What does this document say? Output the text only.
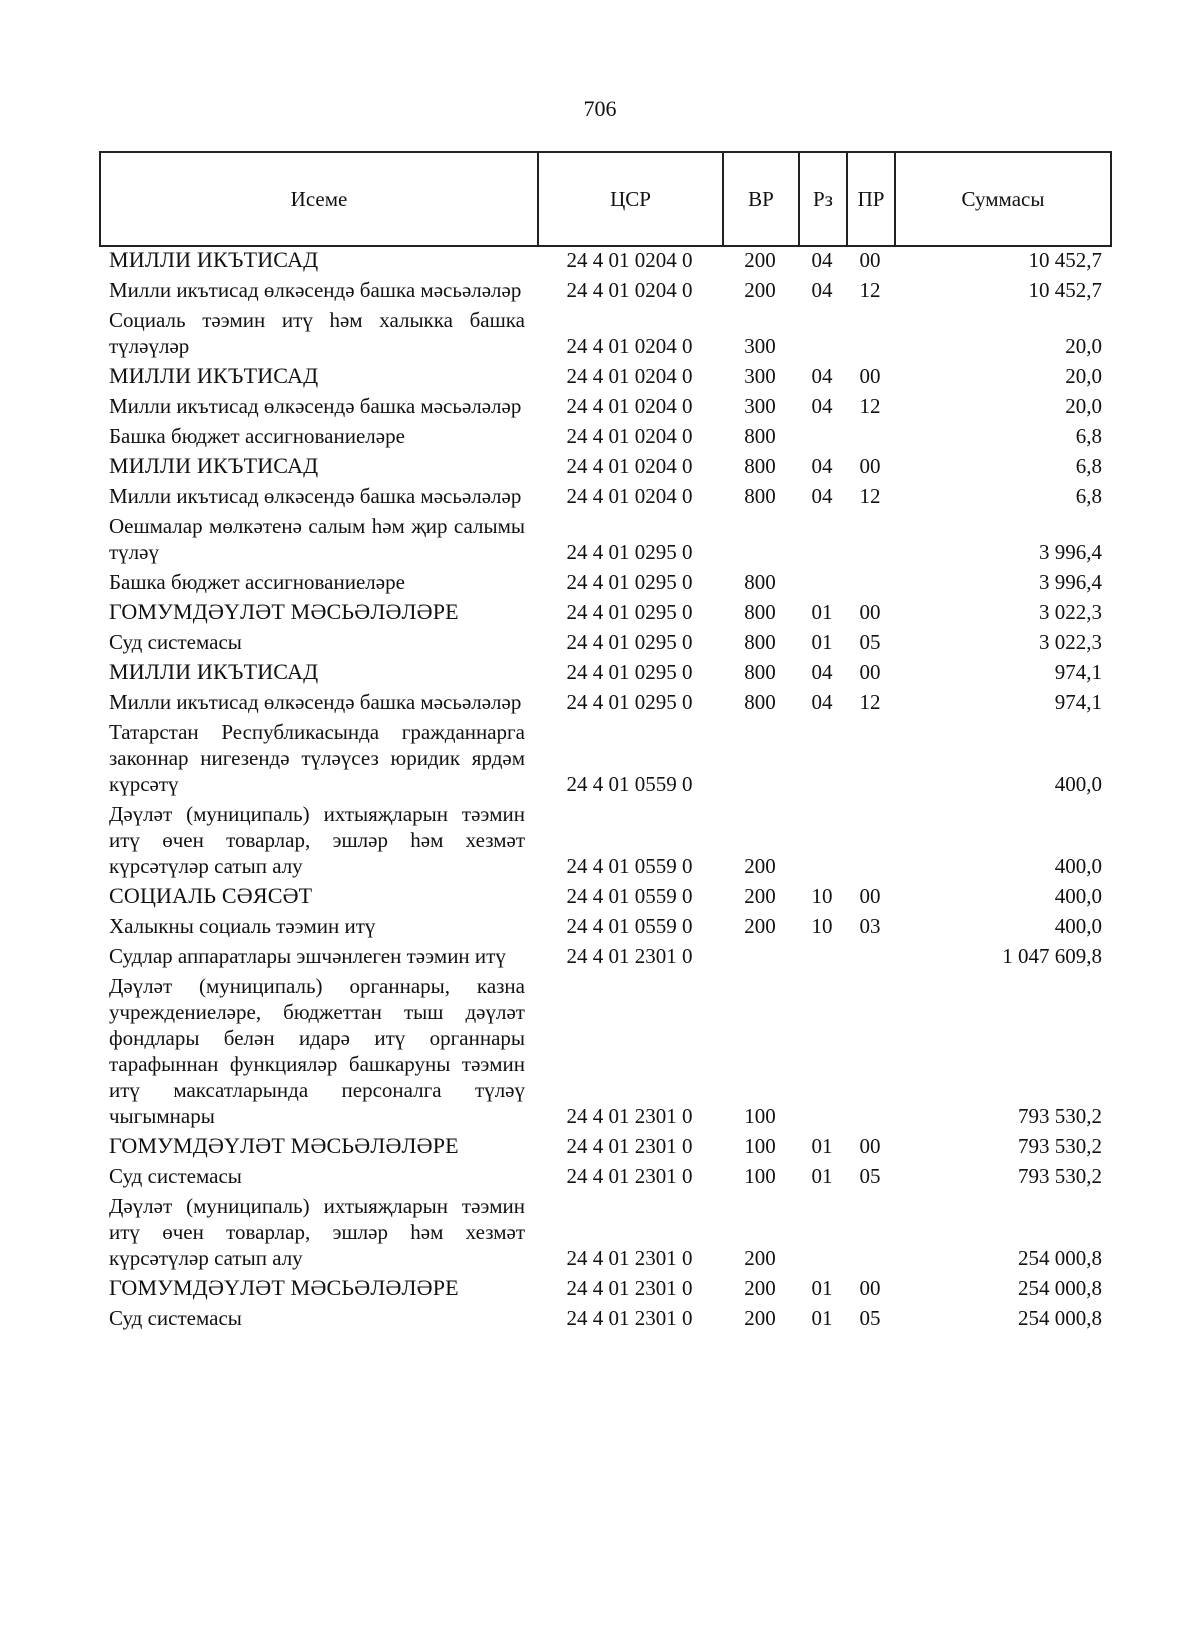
706
Исеме	ЦСР	ВР	Рз	ПР	Суммасы
МИЛЛИ ИКЪТИСАД	24 4 01 0204 0	200	04	00	10 452,7
Милли икътисад өлкәсендә башка мәсьәләләр	24 4 01 0204 0	200	04	12	10 452,7
Социаль тәэмин итү һәм халыкка башка түләүләр	24 4 01 0204 0	300			20,0
МИЛЛИ ИКЪТИСАД	24 4 01 0204 0	300	04	00	20,0
Милли икътисад өлкәсендә башка мәсьәләләр	24 4 01 0204 0	300	04	12	20,0
Башка бюджет ассигнованиеләре	24 4 01 0204 0	800			6,8
МИЛЛИ ИКЪТИСАД	24 4 01 0204 0	800	04	00	6,8
Милли икътисад өлкәсендә башка мәсьәләләр	24 4 01 0204 0	800	04	12	6,8
Оешмалар мөлкәтенә салым һәм җир салымы түләү	24 4 01 0295 0				3 996,4
Башка бюджет ассигнованиеләре	24 4 01 0295 0	800			3 996,4
ГОМУМДӘҮЛӘТ МӘСЬӘЛӘЛӘРЕ	24 4 01 0295 0	800	01	00	3 022,3
Суд системасы	24 4 01 0295 0	800	01	05	3 022,3
МИЛЛИ ИКЪТИСАД	24 4 01 0295 0	800	04	00	974,1
Милли икътисад өлкәсендә башка мәсьәләләр	24 4 01 0295 0	800	04	12	974,1
Татарстан Республикасында гражданнарга законнар нигезендә түләүсез юридик ярдәм күрсәтү	24 4 01 0559 0				400,0
Дәүләт (муниципаль) ихтыяҗларын тәэмин итү өчен товарлар, эшләр һәм хезмәт күрсәтүләр сатып алу	24 4 01 0559 0	200			400,0
СОЦИАЛЬ СӘЯСӘТ	24 4 01 0559 0	200	10	00	400,0
Халыкны социаль тәэмин итү	24 4 01 0559 0	200	10	03	400,0
Судлар аппаратлары эшчәнлеген тәэмин итү	24 4 01 2301 0				1 047 609,8
Дәүләт (муниципаль) органнары, казна учреждениеләре, бюджеттан тыш дәүләт фондлары белән идарә итү органнары тарафыннан функцияләр башкаруны тәэмин итү максатларында персоналга түләү чыгымнары	24 4 01 2301 0	100			793 530,2
ГОМУМДӘҮЛӘТ МӘСЬӘЛӘЛӘРЕ	24 4 01 2301 0	100	01	00	793 530,2
Суд системасы	24 4 01 2301 0	100	01	05	793 530,2
Дәүләт (муниципаль) ихтыяҗларын тәэмин итү өчен товарлар, эшләр һәм хезмәт күрсәтүләр сатып алу	24 4 01 2301 0	200			254 000,8
ГОМУМДӘҮЛӘТ МӘСЬӘЛӘЛӘРЕ	24 4 01 2301 0	200	01	00	254 000,8
Суд системасы	24 4 01 2301 0	200	01	05	254 000,8
